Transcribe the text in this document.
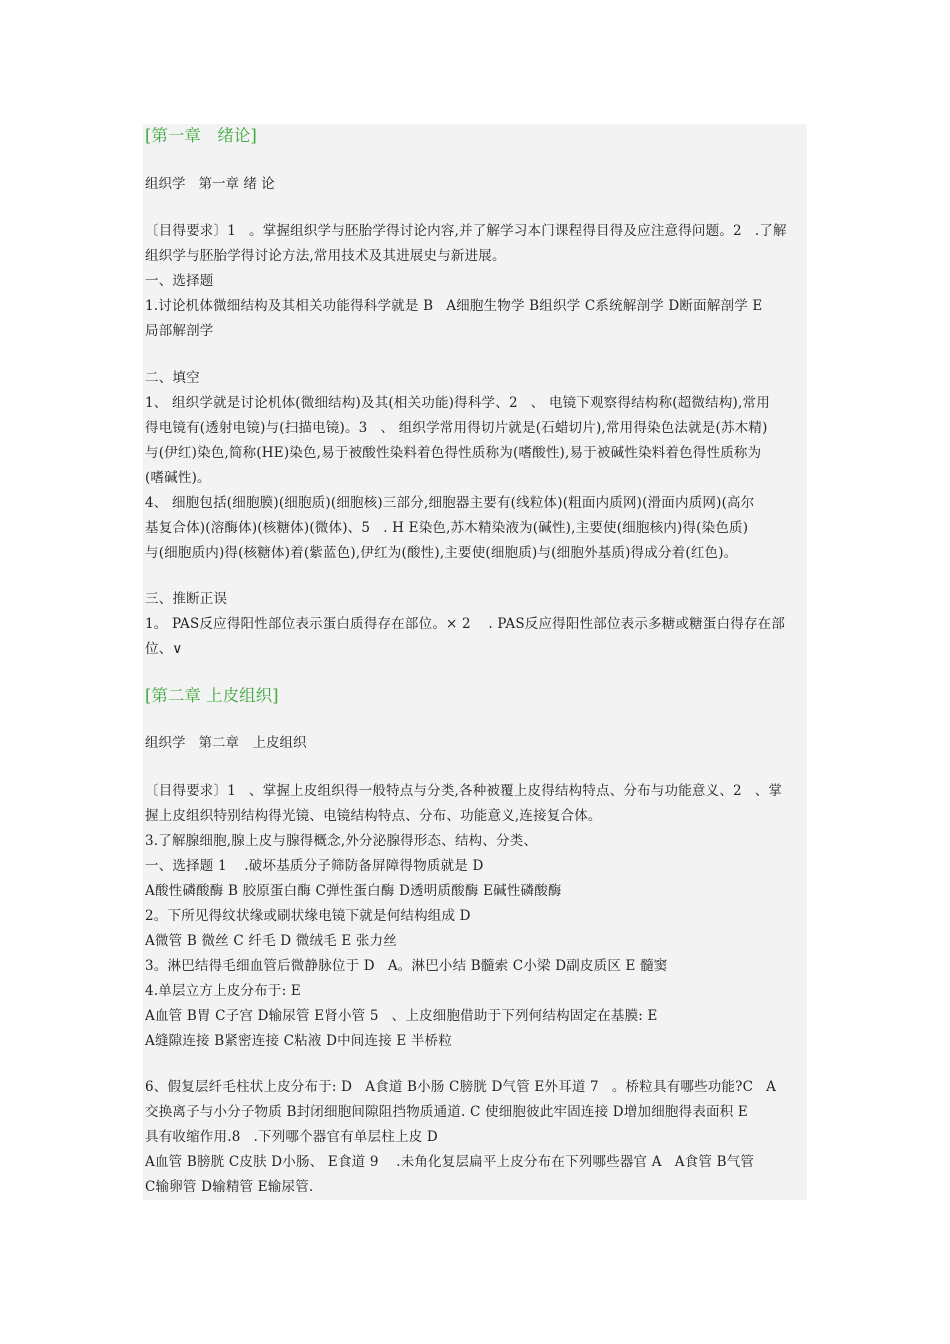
[第一章　绪论]
组织学ﾠ第一章 绪 论
〔目得要求〕1ﾠ。掌握组织学与胚胎学得讨论内容,并了解学习本门课程得目得及应注意得问题。2ﾠ.了解
组织学与胚胎学得讨论方法,常用技术及其进展史与新进展。
一、选择题
1.讨论机体微细结构及其相关功能得科学就是 BﾠA细胞生物学 B组织学 C系统解剖学 D断面解剖学 E
局部解剖学
二、填空
1、 组织学就是讨论机体(微细结构)及其(相关功能)得科学、2ﾠ、 电镜下观察得结构称(超微结构),常用
得电镜有(透射电镜)与(扫描电镜)。3ﾠ、 组织学常用得切片就是(石蜡切片),常用得染色法就是(苏木精)
与(伊红)染色,简称(HE)染色,易于被酸性染料着色得性质称为(嗜酸性),易于被碱性染料着色得性质称为
(嗜碱性)。
4、 细胞包括(细胞膜)(细胞质)(细胞核)三部分,细胞器主要有(线粒体)(粗面内质网)(滑面内质网)(高尔
基复合体)(溶酶体)(核糖体)(微体)、5ﾠ. H E染色,苏木精染液为(碱性),主要使(细胞核内)得(染色质)
与(细胞质内)得(核糖体)着(紫蓝色),伊红为(酸性),主要使(细胞质)与(细胞外基质)得成分着(红色)。
三、推断正误
1。 PAS反应得阳性部位表示蛋白质得存在部位。× 2 ﾠ. PAS反应得阳性部位表示多糖或糖蛋白得存在部
位、∨
[第二章 上皮组织]
组织学ﾠ第二章　上皮组织
〔目得要求〕1ﾠ、掌握上皮组织得一般特点与分类,各种被覆上皮得结构特点、分布与功能意义、2ﾠ、掌
握上皮组织特别结构得光镜、电镜结构特点、分布、功能意义,连接复合体。
3.了解腺细胞,腺上皮与腺得概念,外分泌腺得形态、结构、分类、
一、选择题 1 ﾠ.破坏基质分子筛防备屏障得物质就是 D
A酸性磷酸酶 B 胶原蛋白酶 C弹性蛋白酶 D透明质酸酶 E碱性磷酸酶
2。下所见得纹状缘或刷状缘电镜下就是何结构组成 D
A微管 B 微丝 C 纤毛 D 微绒毛 E 张力丝
3。淋巴结得毛细血管后微静脉位于 DﾠA。淋巴小结 B髓索 C小梁 D副皮质区 E 髓窦
4.单层立方上皮分布于: E
A血管 B胃 C子宫 D输尿管 E肾小管 5ﾠ、上皮细胞借助于下列何结构固定在基膜: E
A缝隙连接 B紧密连接 C粘液 D中间连接 E 半桥粒
6、假复层纤毛柱状上皮分布于: DﾠA食道 B小肠 C膀胱 D气管 E外耳道 7ﾠ。桥粒具有哪些功能?CﾠA
交换离子与小分子物质 B封闭细胞间隙阻挡物质通道. C 使细胞彼此牢固连接 D增加细胞得表面积 E
具有收缩作用.8ﾠ.下列哪个器官有单层柱上皮 D
A血管 B膀胱 C皮肤 D小肠、 E食道 9 ﾠ.未角化复层扁平上皮分布在下列哪些器官 AﾠA食管 B气管
C输卵管 D输精管 E输尿管.
